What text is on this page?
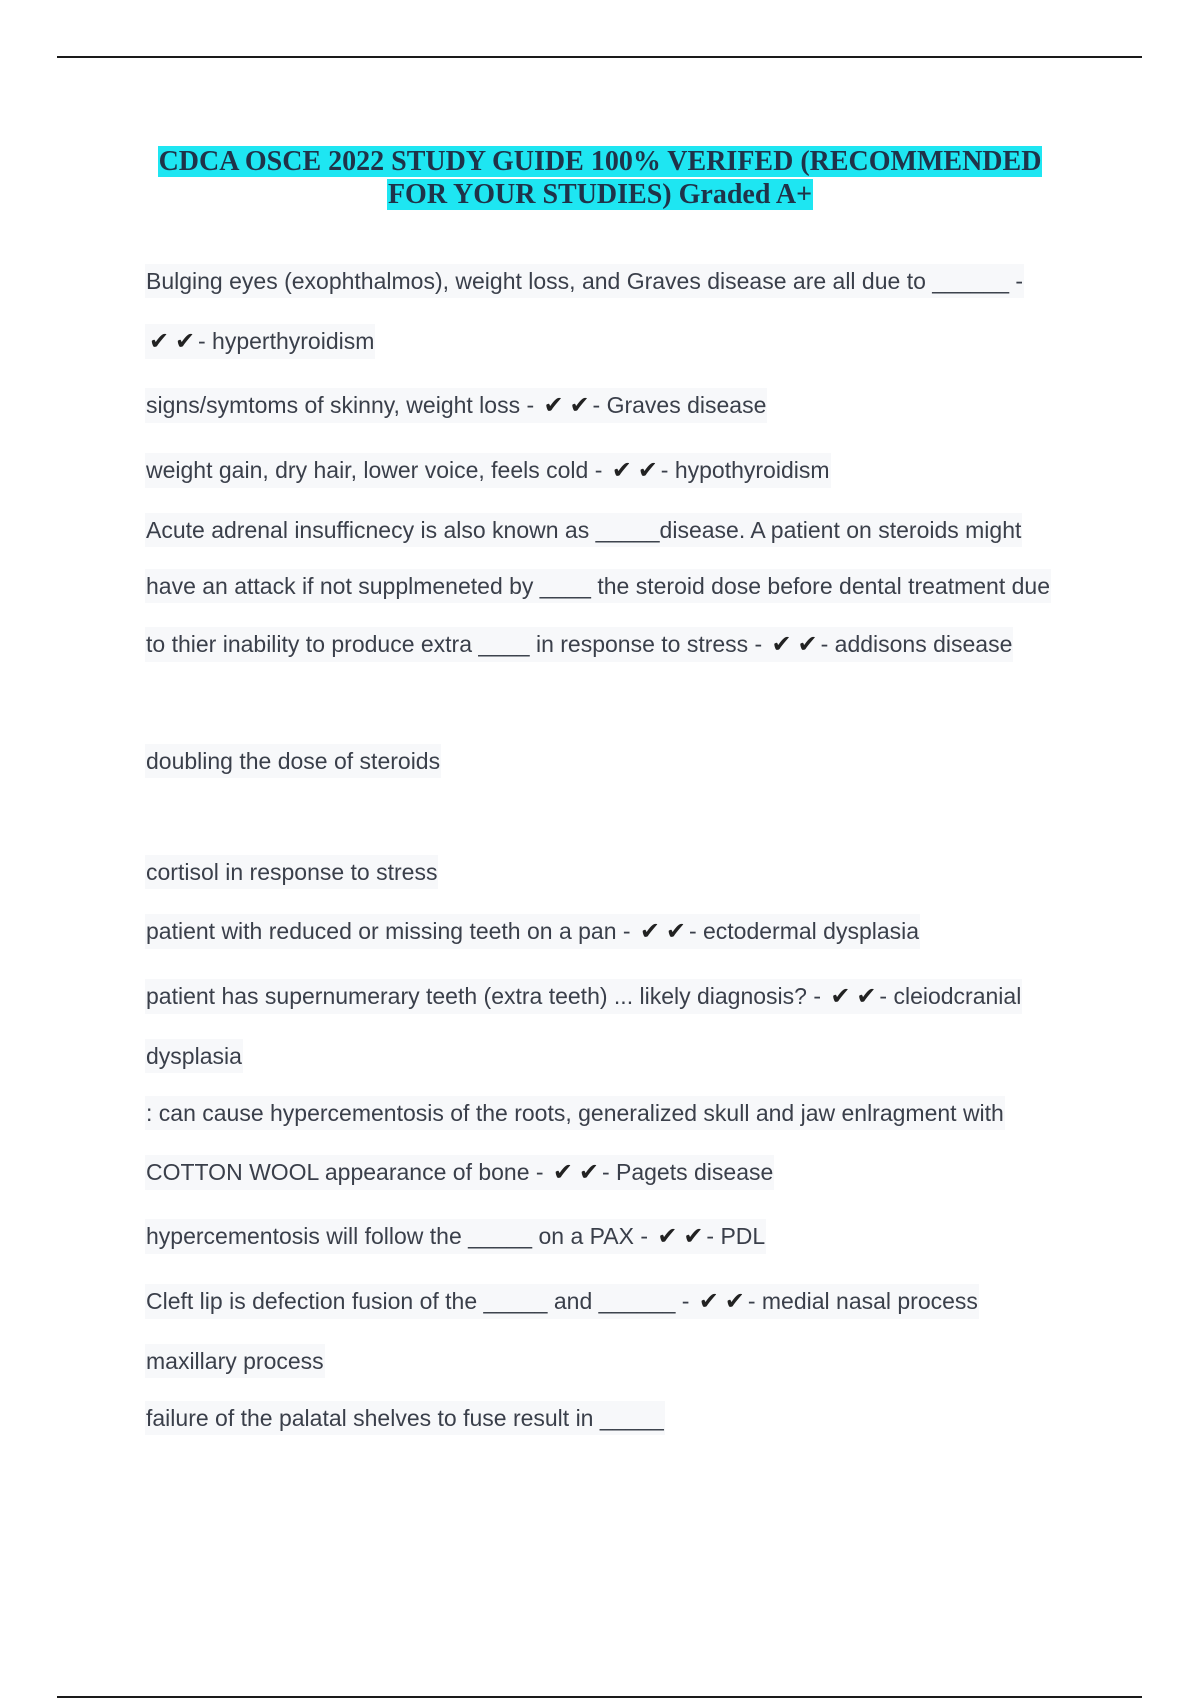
CDCA OSCE 2022 STUDY GUIDE 100% VERIFED (RECOMMENDED
FOR YOUR STUDIES) Graded A+
Bulging eyes (exophthalmos), weight loss, and Graves disease are all due to ______ -
✔ ✔ - hyperthyroidism
signs/symtoms of skinny, weight loss - ✔ ✔ - Graves disease
weight gain, dry hair, lower voice, feels cold - ✔ ✔ - hypothyroidism
Acute adrenal insufficnecy is also known as _____disease. A patient on steroids might
have an attack if not supplmeneted by ____ the steroid dose before dental treatment due
to thier inability to produce extra ____ in response to stress - ✔ ✔ - addisons disease
doubling the dose of steroids
cortisol in response to stress
patient with reduced or missing teeth on a pan - ✔ ✔ - ectodermal dysplasia
patient has supernumerary teeth (extra teeth) ... likely diagnosis? - ✔ ✔ - cleiodcranial
dysplasia
: can cause hypercementosis of the roots, generalized skull and jaw enlragment with
COTTON WOOL appearance of bone - ✔ ✔ - Pagets disease
hypercementosis will follow the _____ on a PAX - ✔ ✔ - PDL
Cleft lip is defection fusion of the _____ and ______ - ✔ ✔ - medial nasal process
maxillary process
failure of the palatal shelves to fuse result in _____
